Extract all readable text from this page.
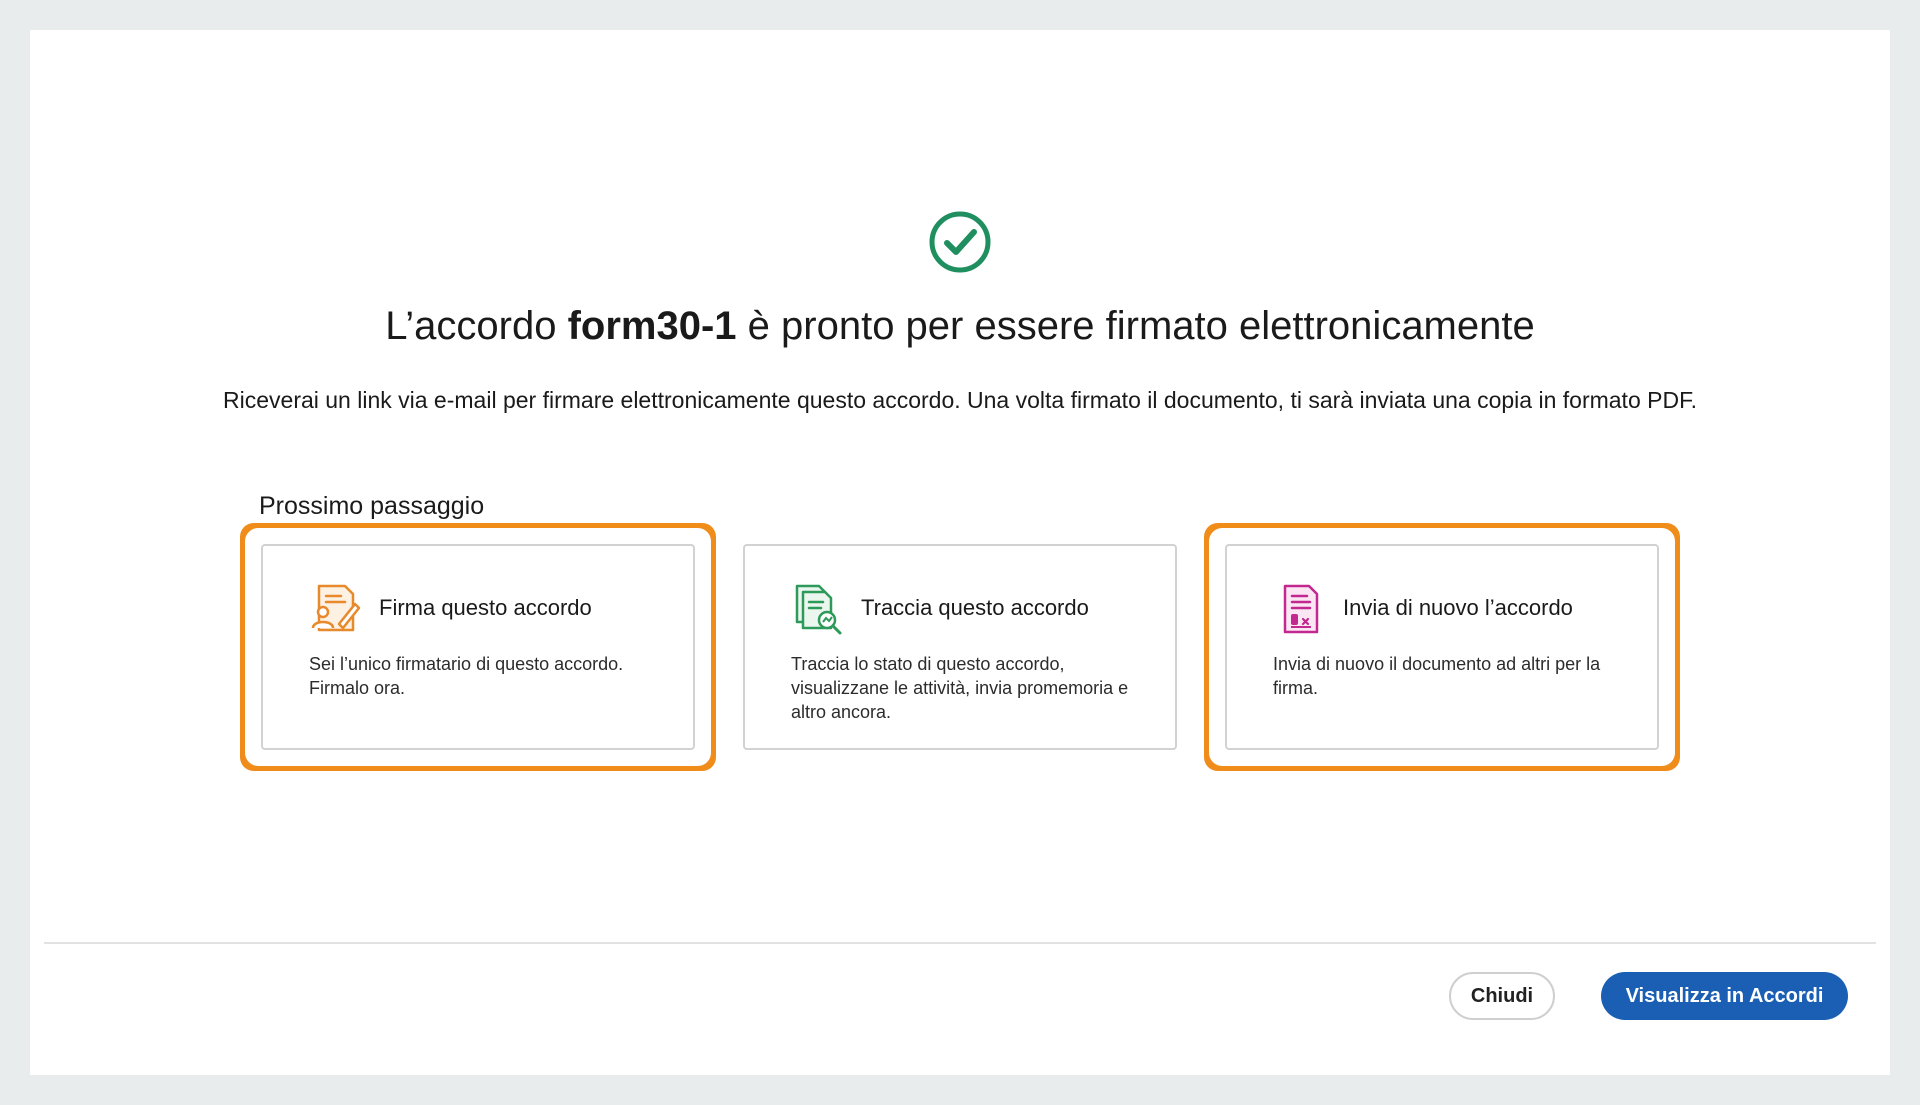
L’accordo form30-1 è pronto per essere firmato elettronicamente

Riceverai un link via e-mail per firmare elettronicamente questo accordo. Una volta firmato il documento, ti sarà inviata una copia in formato PDF.

Prossimo passaggio
Firma questo accordo
Sei l’unico firmatario di questo accordo. Firmalo ora.
Traccia questo accordo
Traccia lo stato di questo accordo, visualizzane le attività, invia promemoria e altro ancora.
Invia di nuovo l’accordo
Invia di nuovo il documento ad altri per la firma.
Chiudi	Visualizza in Accordi
